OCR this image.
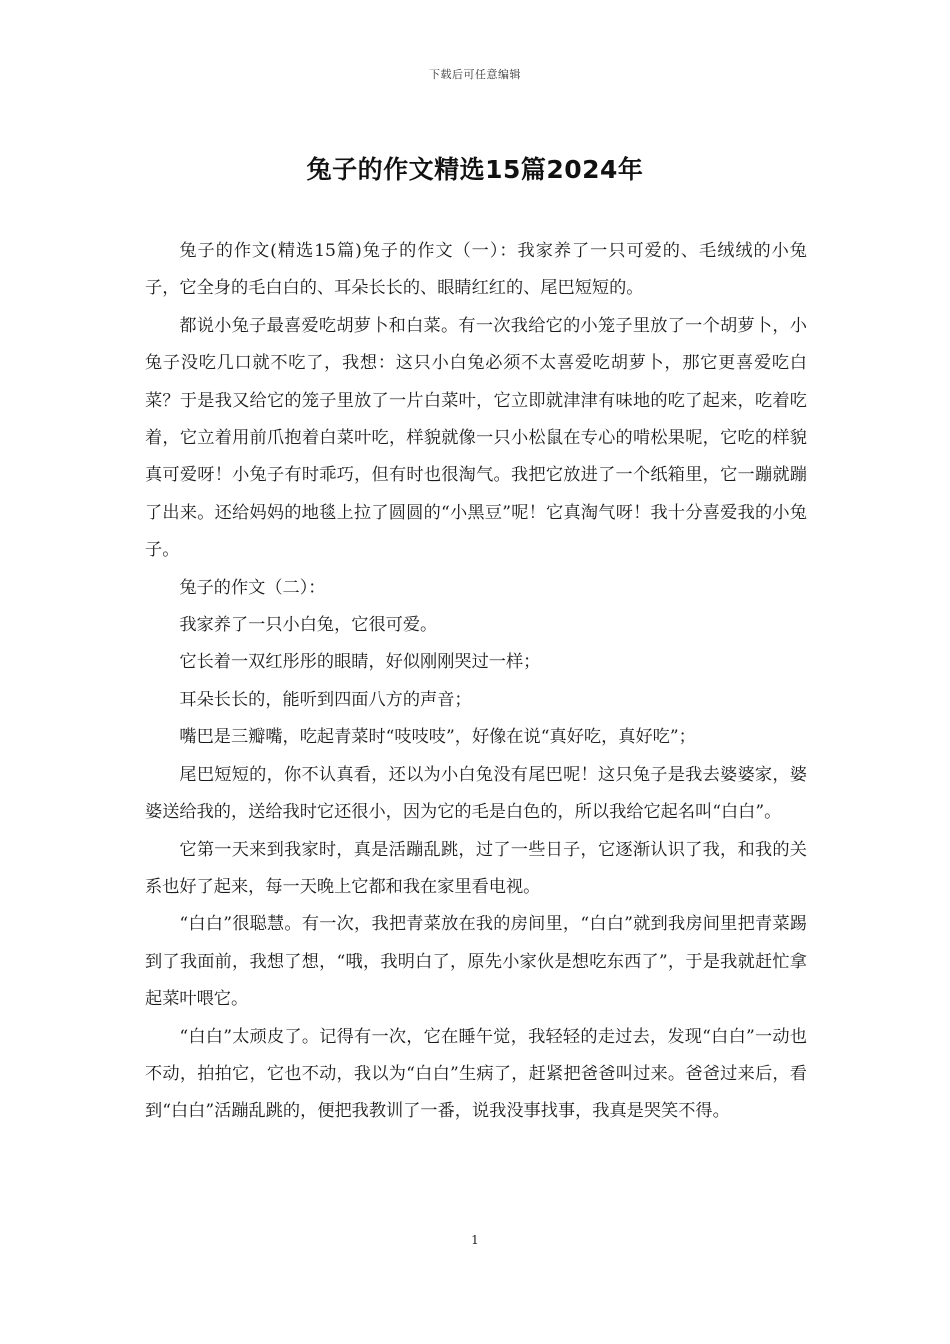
下载后可任意编辑
兔子的作文精选15篇2024年

兔子的作文(精选15篇)兔子的作文（一）：我家养了一只可爱的、毛绒绒的小兔子，它全身的毛白白的、耳朵长长的、眼睛红红的、尾巴短短的。

都说小兔子最喜爱吃胡萝卜和白菜。有一次我给它的小笼子里放了一个胡萝卜，小兔子没吃几口就不吃了，我想：这只小白兔必须不太喜爱吃胡萝卜，那它更喜爱吃白菜？于是我又给它的笼子里放了一片白菜叶，它立即就津津有味地的吃了起来，吃着吃着，它立着用前爪抱着白菜叶吃，样貌就像一只小松鼠在专心的啃松果呢，它吃的样貌真可爱呀！小兔子有时乖巧，但有时也很淘气。我把它放进了一个纸箱里，它一蹦就蹦了出来。还给妈妈的地毯上拉了圆圆的“小黑豆”呢！它真淘气呀！我十分喜爱我的小兔子。

兔子的作文（二）：

我家养了一只小白兔，它很可爱。

它长着一双红彤彤的眼睛，好似刚刚哭过一样；

耳朵长长的，能听到四面八方的声音；

嘴巴是三瓣嘴，吃起青菜时“吱吱吱”，好像在说“真好吃，真好吃”；

尾巴短短的，你不认真看，还以为小白兔没有尾巴呢！这只兔子是我去婆婆家，婆婆送给我的，送给我时它还很小，因为它的毛是白色的，所以我给它起名叫“白白”。

它第一天来到我家时，真是活蹦乱跳，过了一些日子，它逐渐认识了我，和我的关系也好了起来，每一天晚上它都和我在家里看电视。

“白白”很聪慧。有一次，我把青菜放在我的房间里，“白白”就到我房间里把青菜踢到了我面前，我想了想，“哦，我明白了，原先小家伙是想吃东西了”，于是我就赶忙拿起菜叶喂它。

“白白”太顽皮了。记得有一次，它在睡午觉，我轻轻的走过去，发现“白白”一动也不动，拍拍它，它也不动，我以为“白白”生病了，赶紧把爸爸叫过来。爸爸过来后，看到“白白”活蹦乱跳的，便把我教训了一番，说我没事找事，我真是哭笑不得。

1
